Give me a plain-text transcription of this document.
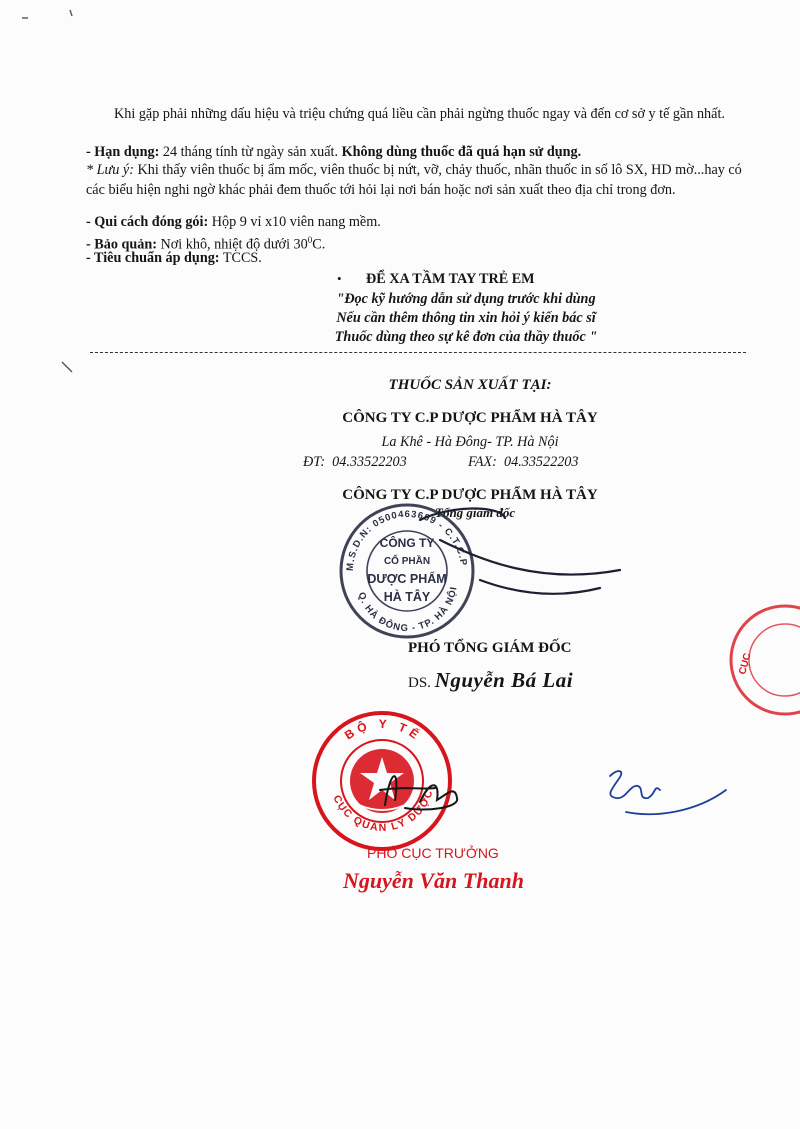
Khi gặp phải những dấu hiệu và triệu chứng quá liều cần phải ngừng thuốc ngay và đến cơ sở y tế gần nhất.
- Hạn dụng: 24 tháng tính từ ngày sản xuất. Không dùng thuốc đã quá hạn sử dụng.
* Lưu ý: Khi thấy viên thuốc bị ẩm mốc, viên thuốc bị nứt, vỡ, chảy thuốc, nhãn thuốc in số lô SX, HD mờ...hay có các biểu hiện nghi ngờ khác phải đem thuốc tới hỏi lại nơi bán hoặc nơi sản xuất theo địa chỉ trong đơn.
- Qui cách đóng gói: Hộp 9 vỉ x10 viên nang mềm.
- Bảo quản: Nơi khô, nhiệt độ dưới $30^0C$.
- Tiêu chuẩn áp dụng: TCCS.
• ĐỂ XA TẦM TAY TRẺ EM
"Đọc kỹ hướng dẫn sử dụng trước khi dùng
Nếu cần thêm thông tin xin hỏi ý kiến bác sĩ
Thuốc dùng theo sự kê đơn của thầy thuốc "
THUỐC SẢN XUẤT TẠI:
CÔNG TY C.P DƯỢC PHẨM HÀ TÂY
La Khê - Hà Đông- TP. Hà Nội
ĐT: 04.33522203	FAX: 04.33522203
CÔNG TY C.P DƯỢC PHẨM HÀ TÂY
Tổng giám đốc
M.S.D.N: 0500463609 - C.T.C.P
Q. HÀ ĐÔNG - TP. HÀ NỘI
CÔNG TY
CỔ PHẦN
DƯỢC PHẨM
HÀ TÂY
PHÓ TỔNG GIÁM ĐỐC
DS. Nguyễn Bá Lai
BỘ Y TẾ
CỤC QUẢN LÝ DƯỢC
PHÓ CỤC TRƯỞNG
Nguyễn Văn Thanh
CỤC
